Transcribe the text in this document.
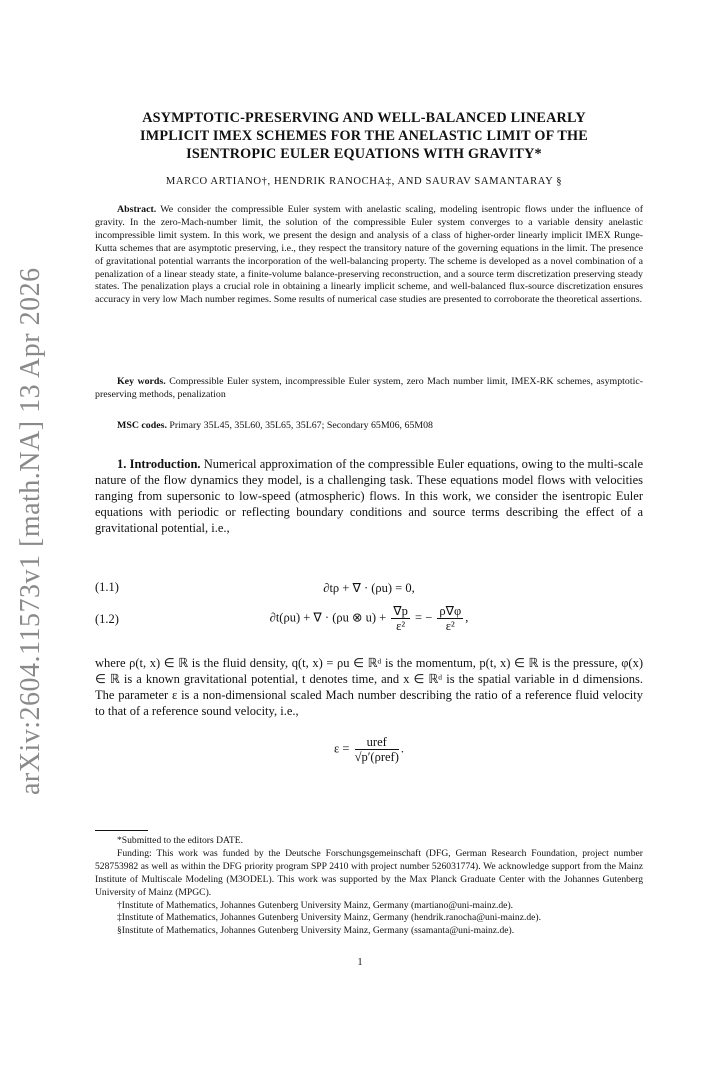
arXiv:2604.11573v1 [math.NA] 13 Apr 2026
ASYMPTOTIC-PRESERVING AND WELL-BALANCED LINEARLY
IMPLICIT IMEX SCHEMES FOR THE ANELASTIC LIMIT OF THE
ISENTROPIC EULER EQUATIONS WITH GRAVITY*
MARCO ARTIANO†, HENDRIK RANOCHA‡, AND SAURAV SAMANTARAY §
Abstract. We consider the compressible Euler system with anelastic scaling, modeling isentropic flows under the influence of gravity. In the zero-Mach-number limit, the solution of the compressible Euler system converges to a variable density anelastic incompressible limit system. In this work, we present the design and analysis of a class of higher-order linearly implicit IMEX Runge-Kutta schemes that are asymptotic preserving, i.e., they respect the transitory nature of the governing equations in the limit. The presence of gravitational potential warrants the incorporation of the well-balancing property. The scheme is developed as a novel combination of a penalization of a linear steady state, a finite-volume balance-preserving reconstruction, and a source term discretization preserving steady states. The penalization plays a crucial role in obtaining a linearly implicit scheme, and well-balanced flux-source discretization ensures accuracy in very low Mach number regimes. Some results of numerical case studies are presented to corroborate the theoretical assertions.
Key words. Compressible Euler system, incompressible Euler system, zero Mach number limit, IMEX-RK schemes, asymptotic-preserving methods, penalization
MSC codes. Primary 35L45, 35L60, 35L65, 35L67; Secondary 65M06, 65M08
1. Introduction. Numerical approximation of the compressible Euler equations, owing to the multi-scale nature of the flow dynamics they model, is a challenging task. These equations model flows with velocities ranging from supersonic to low-speed (atmospheric) flows. In this work, we consider the isentropic Euler equations with periodic or reflecting boundary conditions and source terms describing the effect of a gravitational potential, i.e.,
(1.1)	∂tρ + ∇ · (ρu) = 0,
(1.2)	∂t(ρu) + ∇ · (ρu ⊗ $u) + \frac{\nabla p}{\text{ε²}}$ = − $\frac{\rho\nabla\varphi}{\text{ε²}}$ ,
where ρ(t, x) ∈ ℝ is the fluid density, q(t, x) = ρu ∈ ℝᵈ is the momentum, p(t, x) ∈ ℝ is the pressure, φ(x) ∈ ℝ is a known gravitational potential, t denotes time, and x ∈ ℝᵈ is the spatial variable in d dimensions. The parameter ε is a non-dimensional scaled Mach number describing the ratio of a reference fluid velocity to that of a reference sound velocity, i.e.,
$\varepsilon = \frac{\text{uref}}{\text{√p′(ρref)}}$ .
*Submitted to the editors DATE.
Funding: This work was funded by the Deutsche Forschungsgemeinschaft (DFG, German Research Foundation, project number 528753982 as well as within the DFG priority program SPP 2410 with project number 526031774). We acknowledge support from the Mainz Institute of Multiscale Modeling (M3ODEL). This work was supported by the Max Planck Graduate Center with the Johannes Gutenberg University of Mainz (MPGC).
†Institute of Mathematics, Johannes Gutenberg University Mainz, Germany (martiano@uni-mainz.de).
‡Institute of Mathematics, Johannes Gutenberg University Mainz, Germany (hendrik.ranocha@uni-mainz.de).
§Institute of Mathematics, Johannes Gutenberg University Mainz, Germany (ssamanta@uni-mainz.de).
1
